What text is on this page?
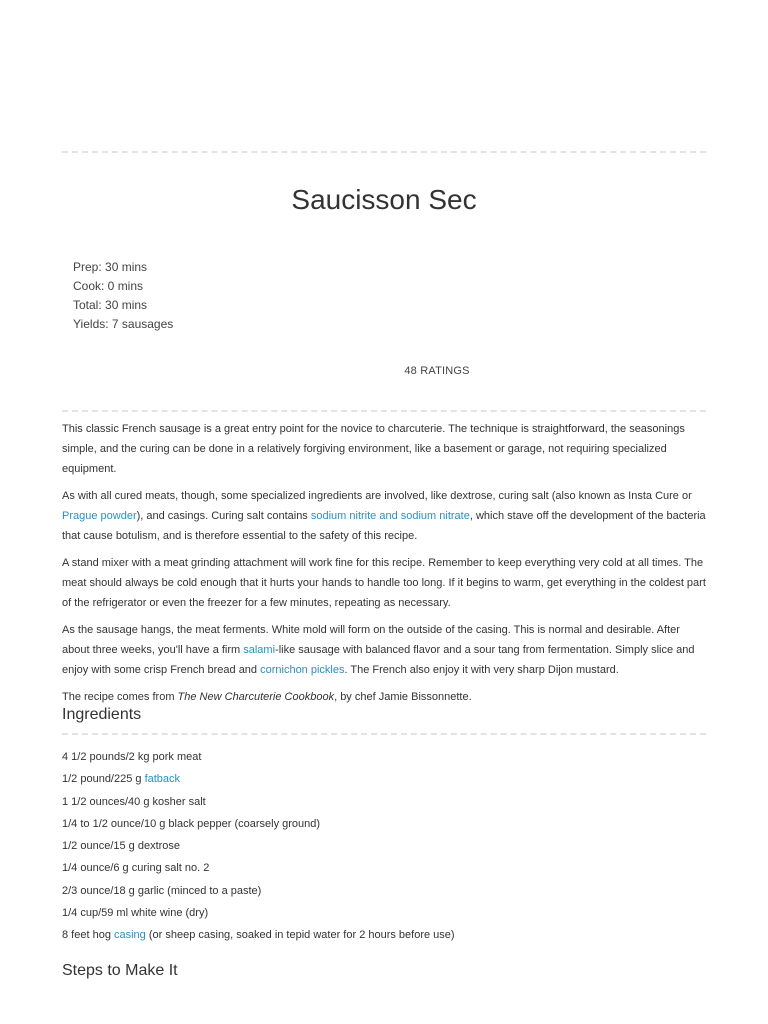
Saucisson Sec
Prep: 30 mins
Cook: 0 mins
Total: 30 mins
Yields: 7 sausages
48 RATINGS

This classic French sausage is a great entry point for the novice to charcuterie. The technique is straightforward, the seasonings simple, and the curing can be done in a relatively forgiving environment, like a basement or garage, not requiring specialized equipment.

As with all cured meats, though, some specialized ingredients are involved, like dextrose, curing salt (also known as Insta Cure or Prague powder), and casings. Curing salt contains sodium nitrite and sodium nitrate, which stave off the development of the bacteria that cause botulism, and is therefore essential to the safety of this recipe.

A stand mixer with a meat grinding attachment will work fine for this recipe. Remember to keep everything very cold at all times. The meat should always be cold enough that it hurts your hands to handle too long. If it begins to warm, get everything in the coldest part of the refrigerator or even the freezer for a few minutes, repeating as necessary.

As the sausage hangs, the meat ferments. White mold will form on the outside of the casing. This is normal and desirable. After about three weeks, you'll have a firm salami-like sausage with balanced flavor and a sour tang from fermentation. Simply slice and enjoy with some crisp French bread and cornichon pickles. The French also enjoy it with very sharp Dijon mustard.

The recipe comes from The New Charcuterie Cookbook, by chef Jamie Bissonnette.

Ingredients
4 1/2 pounds/2 kg pork meat
1/2 pound/225 g fatback
1 1/2 ounces/40 g kosher salt
1/4 to 1/2 ounce/10 g black pepper (coarsely ground)
1/2 ounce/15 g dextrose
1/4 ounce/6 g curing salt no. 2
2/3 ounce/18 g garlic (minced to a paste)
1/4 cup/59 ml white wine (dry)
8 feet hog casing (or sheep casing, soaked in tepid water for 2 hours before use)
Steps to Make It
